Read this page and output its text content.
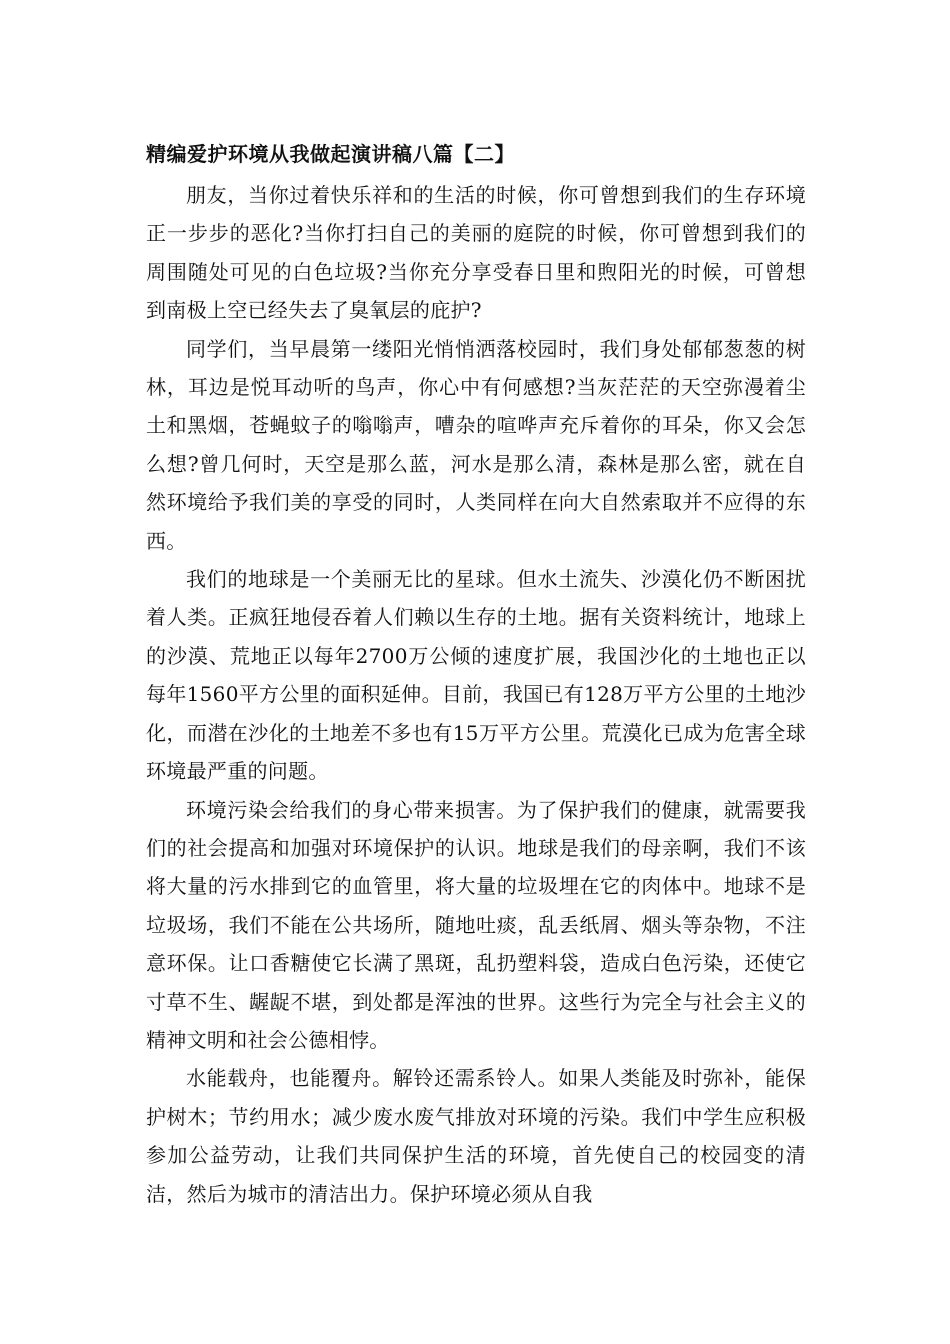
精编爱护环境从我做起演讲稿八篇【二】

朋友，当你过着快乐祥和的生活的时候，你可曾想到我们的生存环境正一步步的恶化?当你打扫自己的美丽的庭院的时候，你可曾想到我们的周围随处可见的白色垃圾?当你充分享受春日里和煦阳光的时候，可曾想到南极上空已经失去了臭氧层的庇护?

同学们，当早晨第一缕阳光悄悄洒落校园时，我们身处郁郁葱葱的树林，耳边是悦耳动听的鸟声，你心中有何感想?当灰茫茫的天空弥漫着尘土和黑烟，苍蝇蚊子的嗡嗡声，嘈杂的喧哗声充斥着你的耳朵，你又会怎么想?曾几何时，天空是那么蓝，河水是那么清，森林是那么密，就在自然环境给予我们美的享受的同时，人类同样在向大自然索取并不应得的东西。

我们的地球是一个美丽无比的星球。但水土流失、沙漠化仍不断困扰着人类。正疯狂地侵吞着人们赖以生存的土地。据有关资料统计，地球上的沙漠、荒地正以每年2700万公倾的速度扩展，我国沙化的土地也正以每年1560平方公里的面积延伸。目前，我国已有128万平方公里的土地沙化，而潜在沙化的土地差不多也有15万平方公里。荒漠化已成为危害全球环境最严重的问题。

环境污染会给我们的身心带来损害。为了保护我们的健康，就需要我们的社会提高和加强对环境保护的认识。地球是我们的母亲啊，我们不该将大量的污水排到它的血管里，将大量的垃圾埋在它的肉体中。地球不是垃圾场，我们不能在公共场所，随地吐痰，乱丢纸屑、烟头等杂物，不注意环保。让口香糖使它长满了黑斑，乱扔塑料袋，造成白色污染，还使它寸草不生、龌龊不堪，到处都是浑浊的世界。这些行为完全与社会主义的精神文明和社会公德相悖。

水能载舟，也能覆舟。解铃还需系铃人。如果人类能及时弥补，能保护树木；节约用水；减少废水废气排放对环境的污染。我们中学生应积极参加公益劳动，让我们共同保护生活的环境，首先使自己的校园变的清洁，然后为城市的清洁出力。保护环境必须从自我
